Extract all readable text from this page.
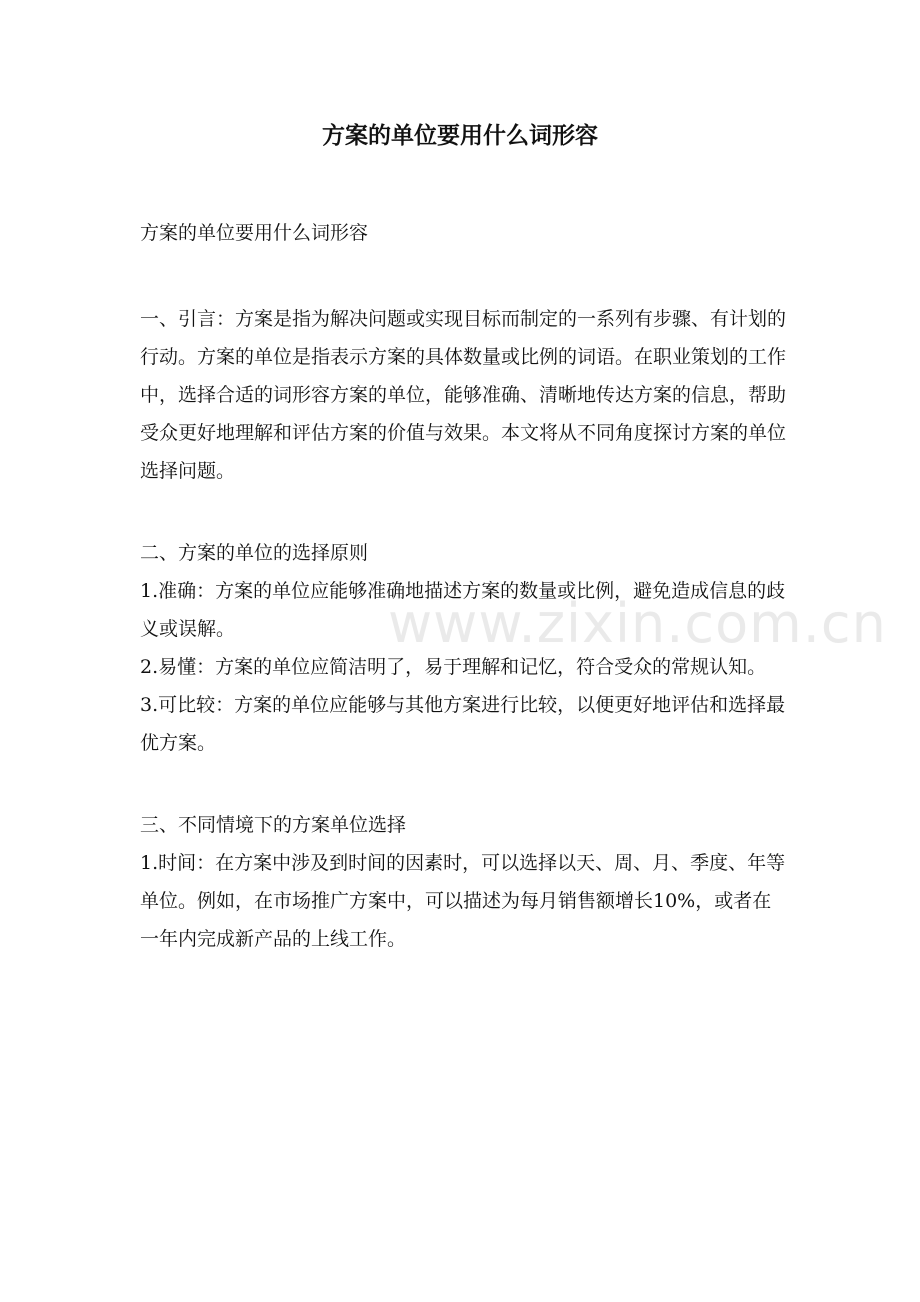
www.zixin.com.cn
方案的单位要用什么词形容

方案的单位要用什么词形容

一、引言：方案是指为解决问题或实现目标而制定的一系列有步骤、有计划的行动。方案的单位是指表示方案的具体数量或比例的词语。在职业策划的工作中，选择合适的词形容方案的单位，能够准确、清晰地传达方案的信息，帮助受众更好地理解和评估方案的价值与效果。本文将从不同角度探讨方案的单位选择问题。

二、方案的单位的选择原则

1.准确：方案的单位应能够准确地描述方案的数量或比例，避免造成信息的歧义或误解。

2.易懂：方案的单位应简洁明了，易于理解和记忆，符合受众的常规认知。

3.可比较：方案的单位应能够与其他方案进行比较，以便更好地评估和选择最优方案。

三、不同情境下的方案单位选择

1.时间：在方案中涉及到时间的因素时，可以选择以天、周、月、季度、年等单位。例如，在市场推广方案中，可以描述为每月销售额增长10%，或者在一年内完成新产品的上线工作。
